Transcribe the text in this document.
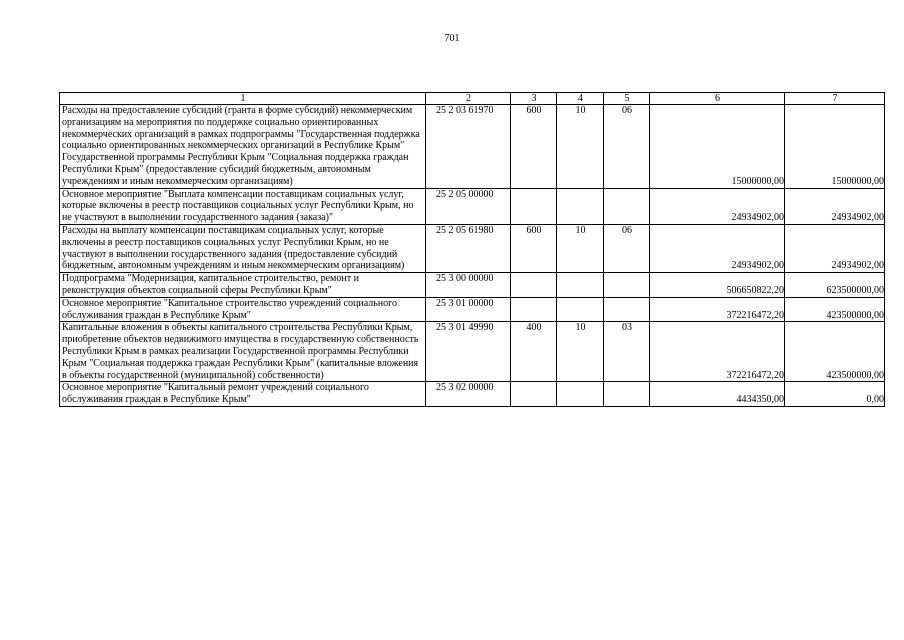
701
1	2	3	4	5	6	7
Расходы на предоставление субсидий (гранта в форме субсидий) некоммерческим организациям на мероприятия по поддержке социально ориентированных некоммерческих организаций в рамках подпрограммы "Государственная поддержка социально ориентированных некоммерческих организаций в Республике Крым" Государственной программы Республики Крым "Социальная поддержка граждан Республики Крым" (предоставление субсидий бюджетным, автономным учреждениям и иным некоммерческим организациям)	25 2 03 61970	600	10	06	15000000,00	15000000,00
Основное мероприятие "Выплата компенсации поставщикам социальных услуг, которые включены в реестр поставщиков социальных услуг Республики Крым, но не участвуют в выполнении государственного задания (заказа)"	25 2 05 00000				24934902,00	24934902,00
Расходы на выплату компенсации поставщикам социальных услуг, которые включены в реестр поставщиков социальных услуг Республики Крым, но не участвуют в выполнении государственного задания (предоставление субсидий бюджетным, автономным учреждениям и иным некоммерческим организациям)	25 2 05 61980	600	10	06	24934902,00	24934902,00
Подпрограмма "Модернизация, капитальное строительство, ремонт и реконструкция объектов социальной сферы Республики Крым"	25 3 00 00000				506650822,20	623500000,00
Основное мероприятие "Капитальное строительство учреждений социального обслуживания граждан в Республике Крым"	25 3 01 00000				372216472,20	423500000,00
Капитальные вложения в объекты капитального строительства Республики Крым, приобретение объектов недвижимого имущества в государственную собственность Республики Крым в рамках реализации Государственной программы Республики Крым "Социальная поддержка граждан Республики Крым" (капитальные вложения в объекты государственной (муниципальной) собственности)	25 3 01 49990	400	10	03	372216472,20	423500000,00
Основное мероприятие "Капитальный ремонт учреждений социального обслуживания граждан в Республике Крым"	25 3 02 00000				4434350,00	0,00
